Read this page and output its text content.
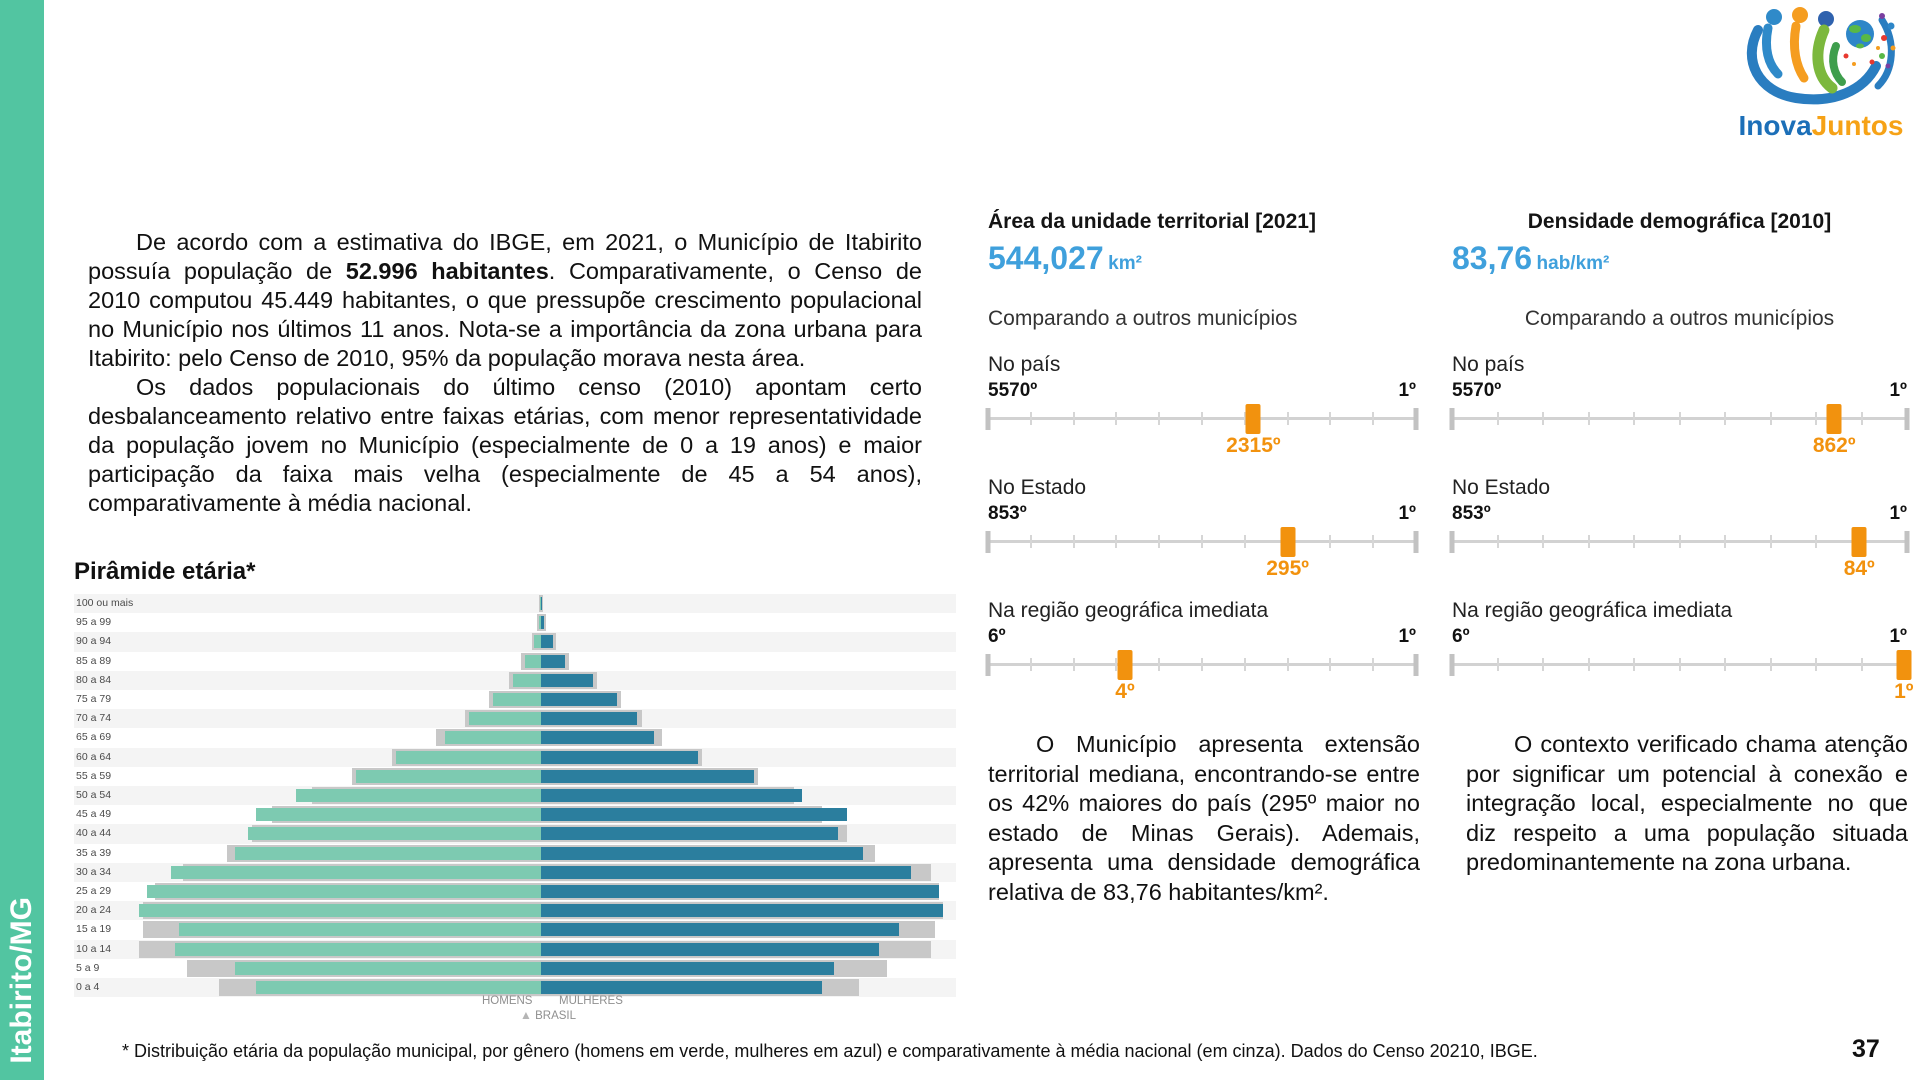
Itabirito/MG
InovaJuntos

De acordo com a estimativa do IBGE, em 2021, o Município de Itabirito possuía população de 52.996 habitantes. Comparativamente, o Censo de 2010 computou 45.449 habitantes, o que pressupõe crescimento populacional no Município nos últimos 11 anos. Nota-se a importância da zona urbana para Itabirito: pelo Censo de 2010, 95% da população morava nesta área.

Os dados populacionais do último censo (2010) apontam certo desbalanceamento relativo entre faixas etárias, com menor representatividade da população jovem no Município (especialmente de 0 a 19 anos) e maior participação da faixa mais velha (especialmente de 45 a 54 anos), comparativamente à média nacional.

Pirâmide etária*
100 ou mais
95 a 99
90 a 94
85 a 89
80 a 84
75 a 79
70 a 74
65 a 69
60 a 64
55 a 59
50 a 54
45 a 49
40 a 44
35 a 39
30 a 34
25 a 29
20 a 24
15 a 19
10 a 14
5 a 9
0 a 4
HOMENS MULHERES
▲ BRASIL
Área da unidade territorial [2021]
544,027 km²
Comparando a outros municípios
No país
5570º	1º
2315º
No Estado
853º	1º
295º
Na região geográfica imediata
6º	1º
4º
Densidade demográfica [2010]
83,76 hab/km²
Comparando a outros municípios
No país
5570º	1º
862º
No Estado
853º	1º
84º
Na região geográfica imediata
6º	1º
1º

O Município apresenta extensão territorial mediana, encontrando-se entre os 42% maiores do país (295º maior no estado de Minas Gerais). Ademais, apresenta uma densidade demográfica relativa de 83,76 habitantes/km².

O contexto verificado chama atenção por significar um potencial à conexão e integração local, especialmente no que diz respeito a uma população situada predominantemente na zona urbana.

* Distribuição etária da população municipal, por gênero (homens em verde, mulheres em azul) e comparativamente à média nacional (em cinza). Dados do Censo 20210, IBGE.	37
